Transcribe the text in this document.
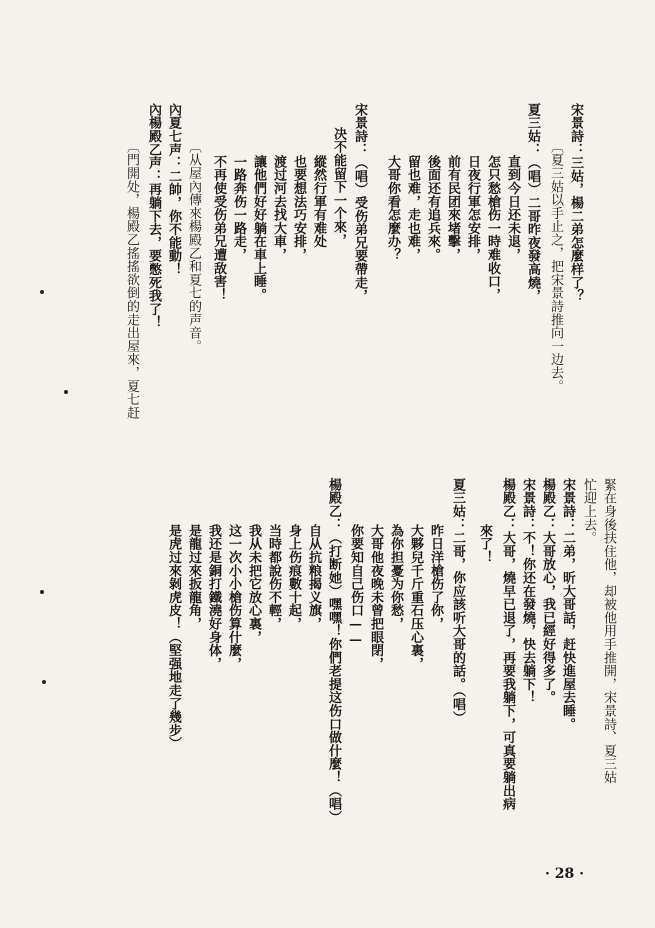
宋景詩：三姑，楊二弟怎麼样了？
〔夏三姑以手止之，把宋景詩推向一边去。
夏三姑：（唱）二哥昨夜發高燒，
直到今日还未退，
怎只愁槍伤一時难收口，
日夜行軍怎安排，
前有民团來堵擊，
後面还有追兵來。
留也难，走也难，
大哥你看怎麼办？
宋景詩：（唱）受伤弟兄要帶走，
决不能留下一个來，
縱然行軍有难处
也要想法巧安排，
渡过河去找大車，
讓他們好好躺在車上睡。
一路奔伤一路走，
不再使受伤弟兄遭敌害！
〔从屋內傳來楊殿乙和夏七的声音。
內夏七声：二帥，你不能動！
內楊殿乙声：再躺下去，要憋死我了！
〔門開处，楊殿乙搖搖欲倒的走出屋來，夏七赶
緊在身後扶住他，却被他用手推開，宋景詩、夏三姑
忙迎上去。
宋景詩：二弟，昕大哥話，赶快進屋去睡。
楊殿乙：大哥放心，我已經好得多了。
宋景詩：不！你还在發燒，快去躺下！
楊殿乙：大哥，燒早已退了，再要我躺下，可真要躺出病
來了！
夏三姑：二哥，你应該听大哥的話。（唱）
昨日洋槍伤了你，
大夥兒千斤重石压心裏，
為你担憂为你愁，
大哥他夜晚未曾把眼閉，
你要知自己伤口——
楊殿乙：（打断她）嘿嘿！你們老提这伤口做什麼！（唱）
自从抗粮揭义旗，
身上伤痕數十起，
当時都說伤不輕，
我从未把它放心裏，
这一次小小槍伤算什麼，
我还是銅打鐵澆好身体，
是龍过來扳龍角，
是虎过來剝虎皮！（堅强地走了幾步）
· 28 ·
